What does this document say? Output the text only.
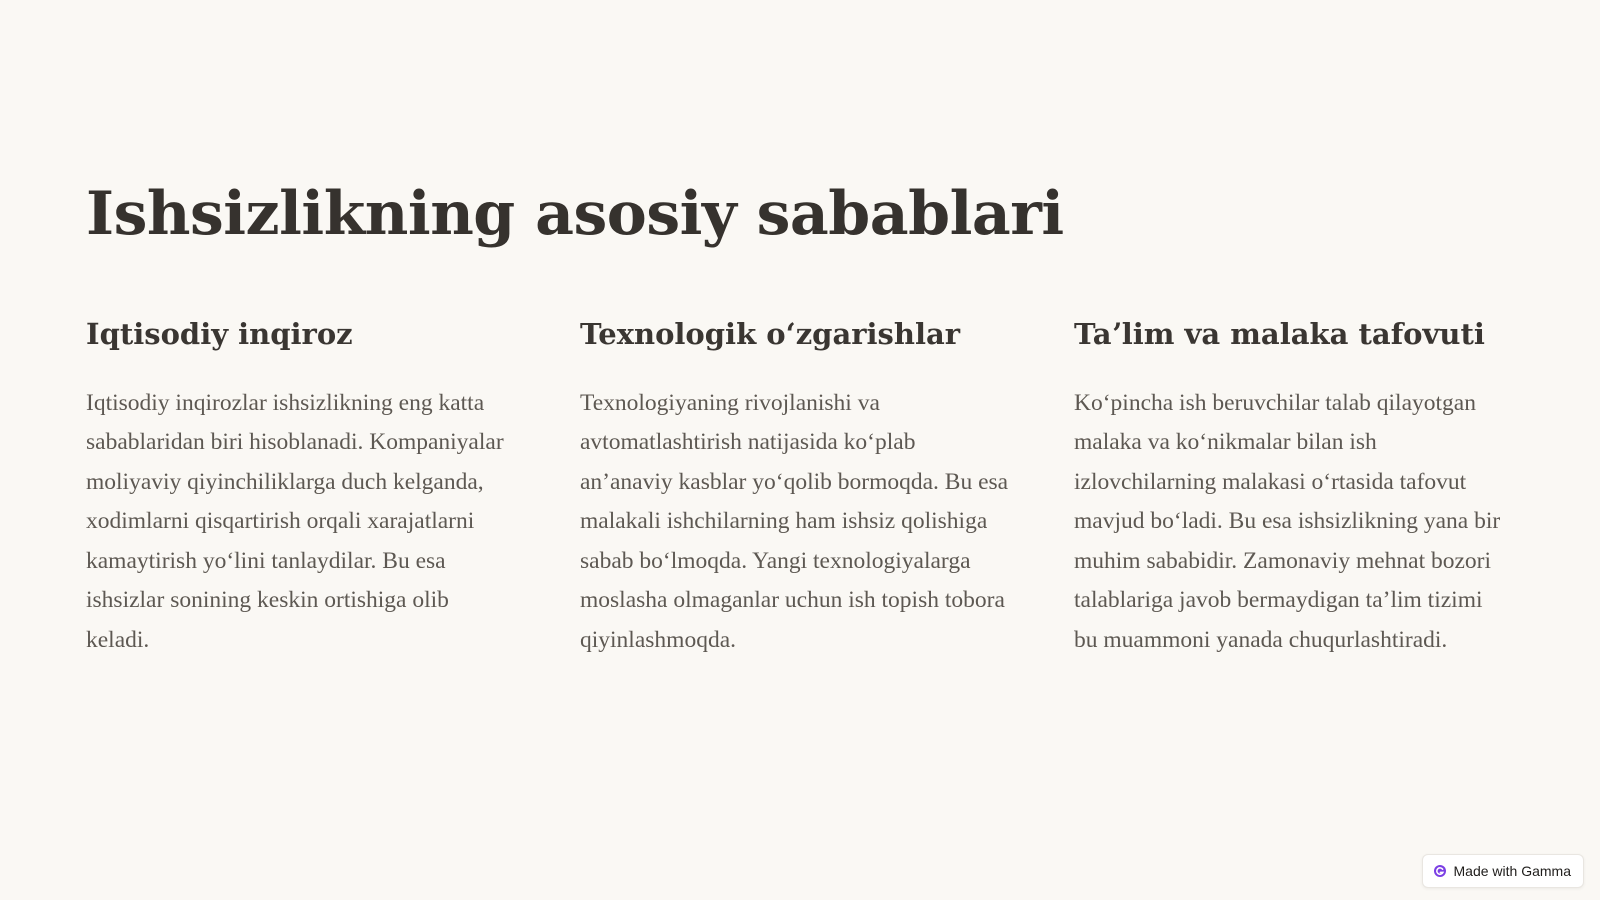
Ishsizlikning asosiy sabablari
Iqtisodiy inqiroz

Iqtisodiy inqirozlar ishsizlikning eng katta sabablaridan biri hisoblanadi. Kompaniyalar moliyaviy qiyinchiliklarga duch kelganda, xodimlarni qisqartirish orqali xarajatlarni kamaytirish yoʻlini tanlaydilar. Bu esa ishsizlar sonining keskin ortishiga olib keladi.

Texnologik oʻzgarishlar

Texnologiyaning rivojlanishi va avtomatlashtirish natijasida koʻplab anʼanaviy kasblar yoʻqolib bormoqda. Bu esa malakali ishchilarning ham ishsiz qolishiga sabab boʻlmoqda. Yangi texnologiyalarga moslasha olmaganlar uchun ish topish tobora qiyinlashmoqda.

Taʼlim va malaka tafovuti

Koʻpincha ish beruvchilar talab qilayotgan malaka va koʻnikmalar bilan ish izlovchilarning malakasi oʻrtasida tafovut mavjud boʻladi. Bu esa ishsizlikning yana bir muhim sababidir. Zamonaviy mehnat bozori talablariga javob bermaydigan taʼlim tizimi bu muammoni yanada chuqurlashtiradi.

Made with Gamma
